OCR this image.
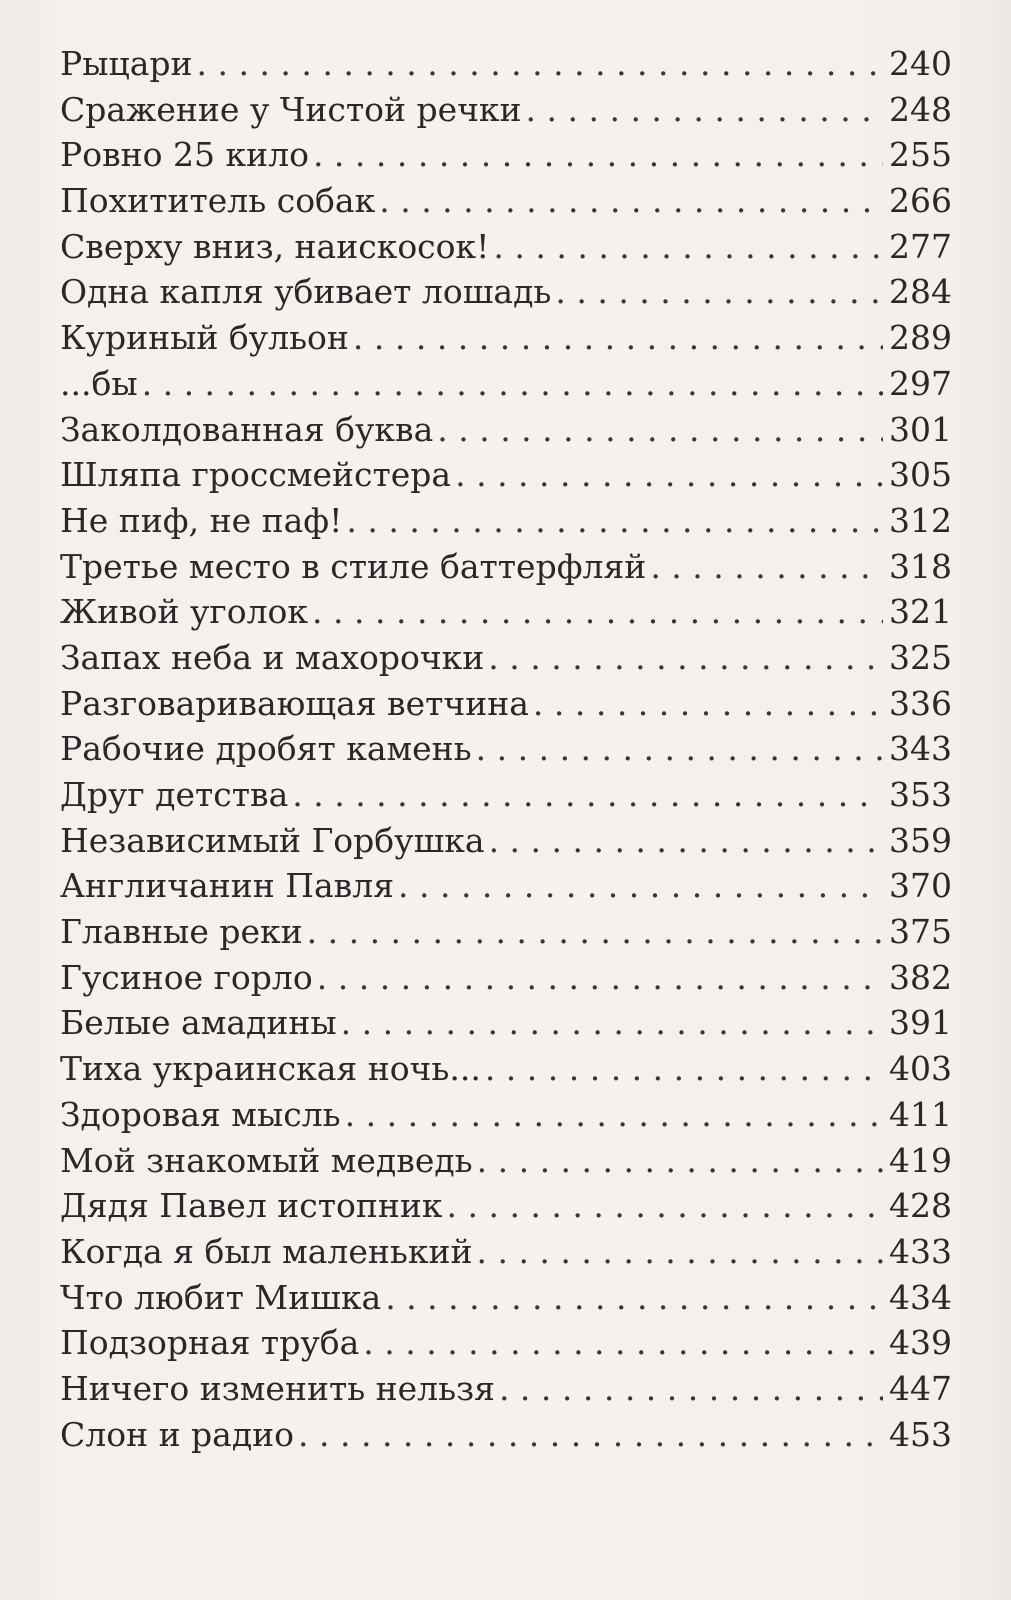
Рыцари . . .	240
Сражение у Чистой речки . . .	248
Ровно 25 кило . . .	255
Похититель собак . . .	266
Сверху вниз, наискосок! . . .	277
Одна капля убивает лошадь . . .	284
Куриный бульон . . .	289
...бы . . .	297
Заколдованная буква . . .	301
Шляпа гроссмейстера . . .	305
Не пиф, не паф! . . .	312
Третье место в стиле баттерфляй . . .	318
Живой уголок . . .	321
Запах неба и махорочки . . .	325
Разговаривающая ветчина . . .	336
Рабочие дробят камень . . .	343
Друг детства . . .	353
Независимый Горбушка . . .	359
Англичанин Павля . . .	370
Главные реки . . .	375
Гусиное горло . . .	382
Белые амадины . . .	391
Тиха украинская ночь... . . .	403
Здоровая мысль . . .	411
Мой знакомый медведь . . .	419
Дядя Павел истопник . . .	428
Когда я был маленький . . .	433
Что любит Мишка . . .	434
Подзорная труба . . .	439
Ничего изменить нельзя . . .	447
Слон и радио . . .	453
